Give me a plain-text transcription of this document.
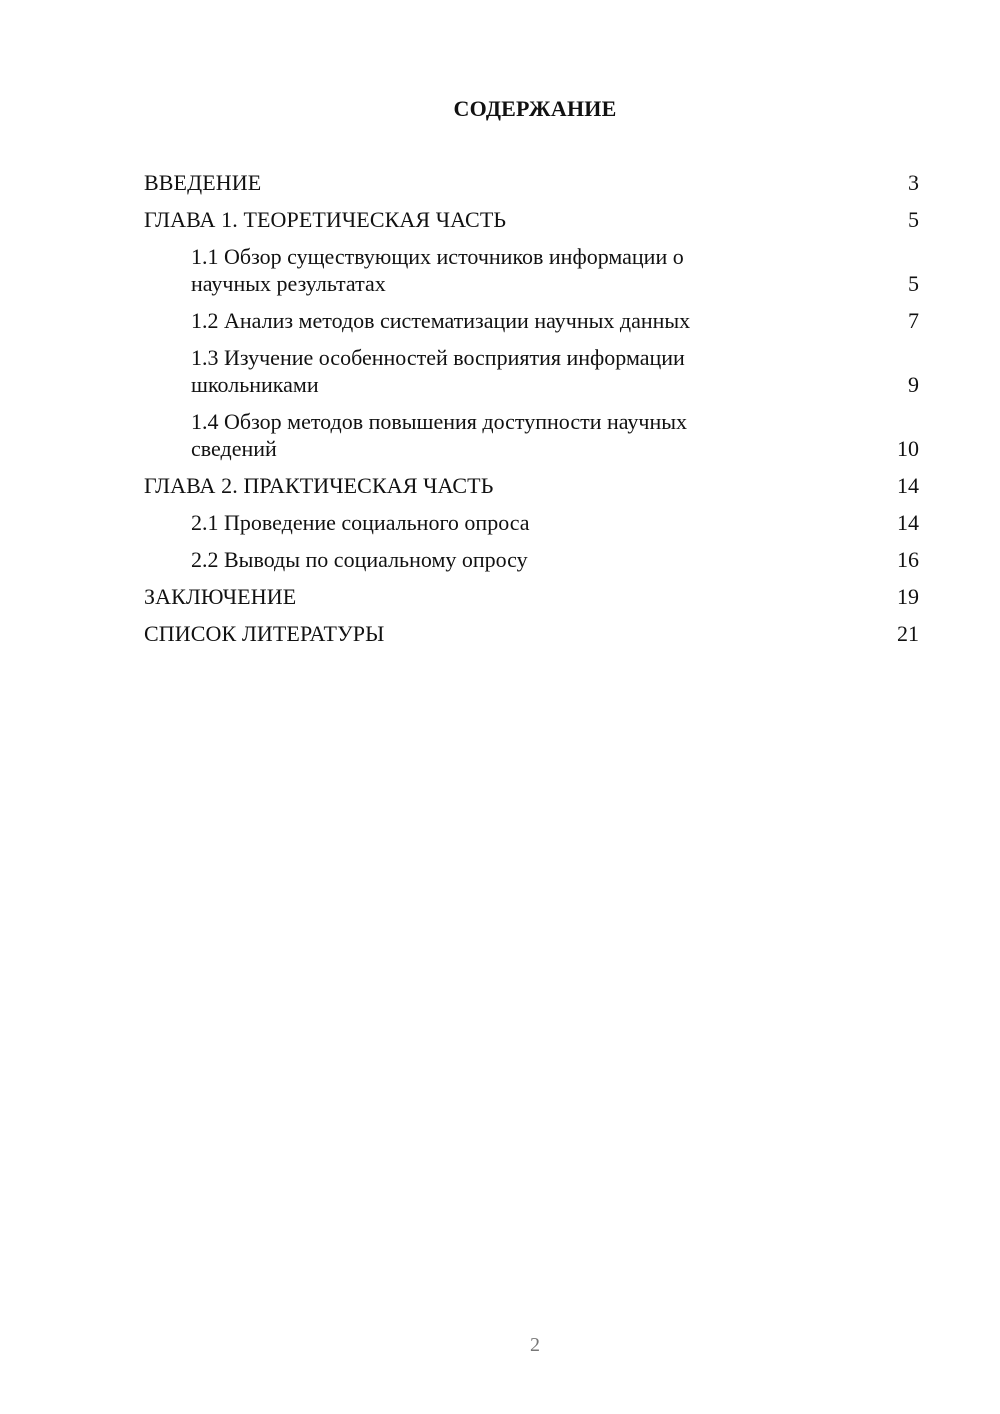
СОДЕРЖАНИЕ
ВВЕДЕНИЕ	3
ГЛАВА 1. ТЕОРЕТИЧЕСКАЯ ЧАСТЬ	5
1.1 Обзор существующих источников информации о научных результатах	5
1.2 Анализ методов систематизации научных данных	7
1.3 Изучение особенностей восприятия информации школьниками	9
1.4 Обзор методов повышения доступности научных сведений	10
ГЛАВА 2. ПРАКТИЧЕСКАЯ ЧАСТЬ	14
2.1 Проведение социального опроса	14
2.2 Выводы по социальному опросу	16
ЗАКЛЮЧЕНИЕ	19
СПИСОК ЛИТЕРАТУРЫ	21
2
